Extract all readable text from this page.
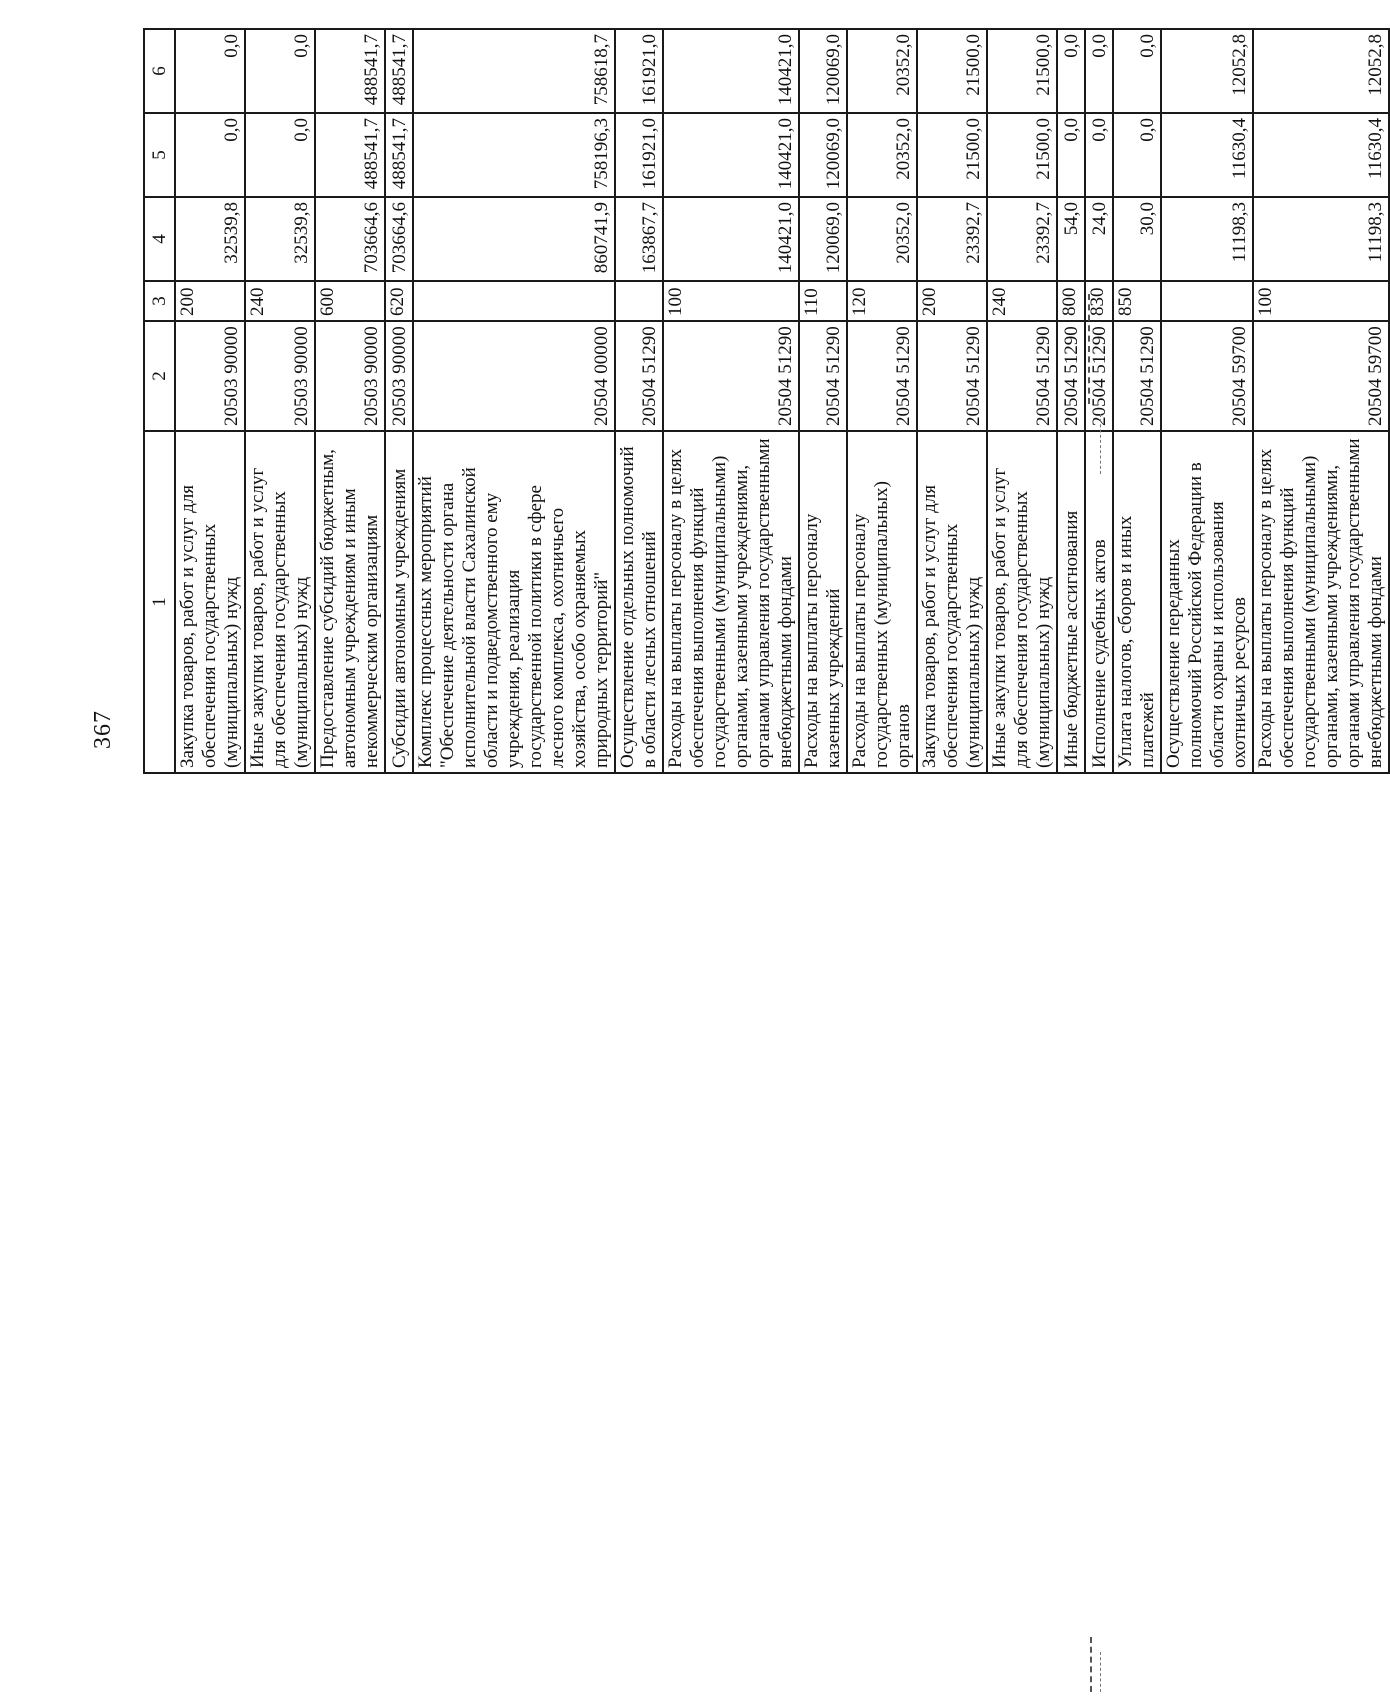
367
1	2	3	4	5	6
Закупка товаров, работ и услуг для обеспечения государственных (муниципальных) нужд	20503 90000	200	32539,8	0,0	0,0
Иные закупки товаров, работ и услуг для обеспечения государственных (муниципальных) нужд	20503 90000	240	32539,8	0,0	0,0
Предоставление субсидий бюджетным, автономным учреждениям и иным некоммерческим организациям	20503 90000	600	703664,6	488541,7	488541,7
Субсидии автономным учреждениям	20503 90000	620	703664,6	488541,7	488541,7
Комплекс процессных мероприятий "Обеспечение деятельности органа исполнительной власти Сахалинской области и подведомственного ему учреждения, реализация государственной политики в сфере лесного комплекса, охотничьего хозяйства, особо охраняемых природных территорий"	20504 00000		860741,9	758196,3	758618,7
Осуществление отдельных полномочий в области лесных отношений	20504 51290		163867,7	161921,0	161921,0
Расходы на выплаты персоналу в целях обеспечения выполнения функций государственными (муниципальными) органами, казенными учреждениями, органами управления государственными внебюджетными фондами	20504 51290	100	140421,0	140421,0	140421,0
Расходы на выплаты персоналу казенных учреждений	20504 51290	110	120069,0	120069,0	120069,0
Расходы на выплаты персоналу государственных (муниципальных) органов	20504 51290	120	20352,0	20352,0	20352,0
Закупка товаров, работ и услуг для обеспечения государственных (муниципальных) нужд	20504 51290	200	23392,7	21500,0	21500,0
Иные закупки товаров, работ и услуг для обеспечения государственных (муниципальных) нужд	20504 51290	240	23392,7	21500,0	21500,0
Иные бюджетные ассигнования	20504 51290	800	54,0	0,0	0,0
Исполнение судебных актов	20504 51290	830	24,0	0,0	0,0
Уплата налогов, сборов и иных платежей	20504 51290	850	30,0	0,0	0,0
Осуществление переданных полномочий Российской Федерации в области охраны и использования охотничьих ресурсов	20504 59700		11198,3	11630,4	12052,8
Расходы на выплаты персоналу в целях обеспечения выполнения функций государственными (муниципальными) органами, казенными учреждениями, органами управления государственными внебюджетными фондами	20504 59700	100	11198,3	11630,4	12052,8
